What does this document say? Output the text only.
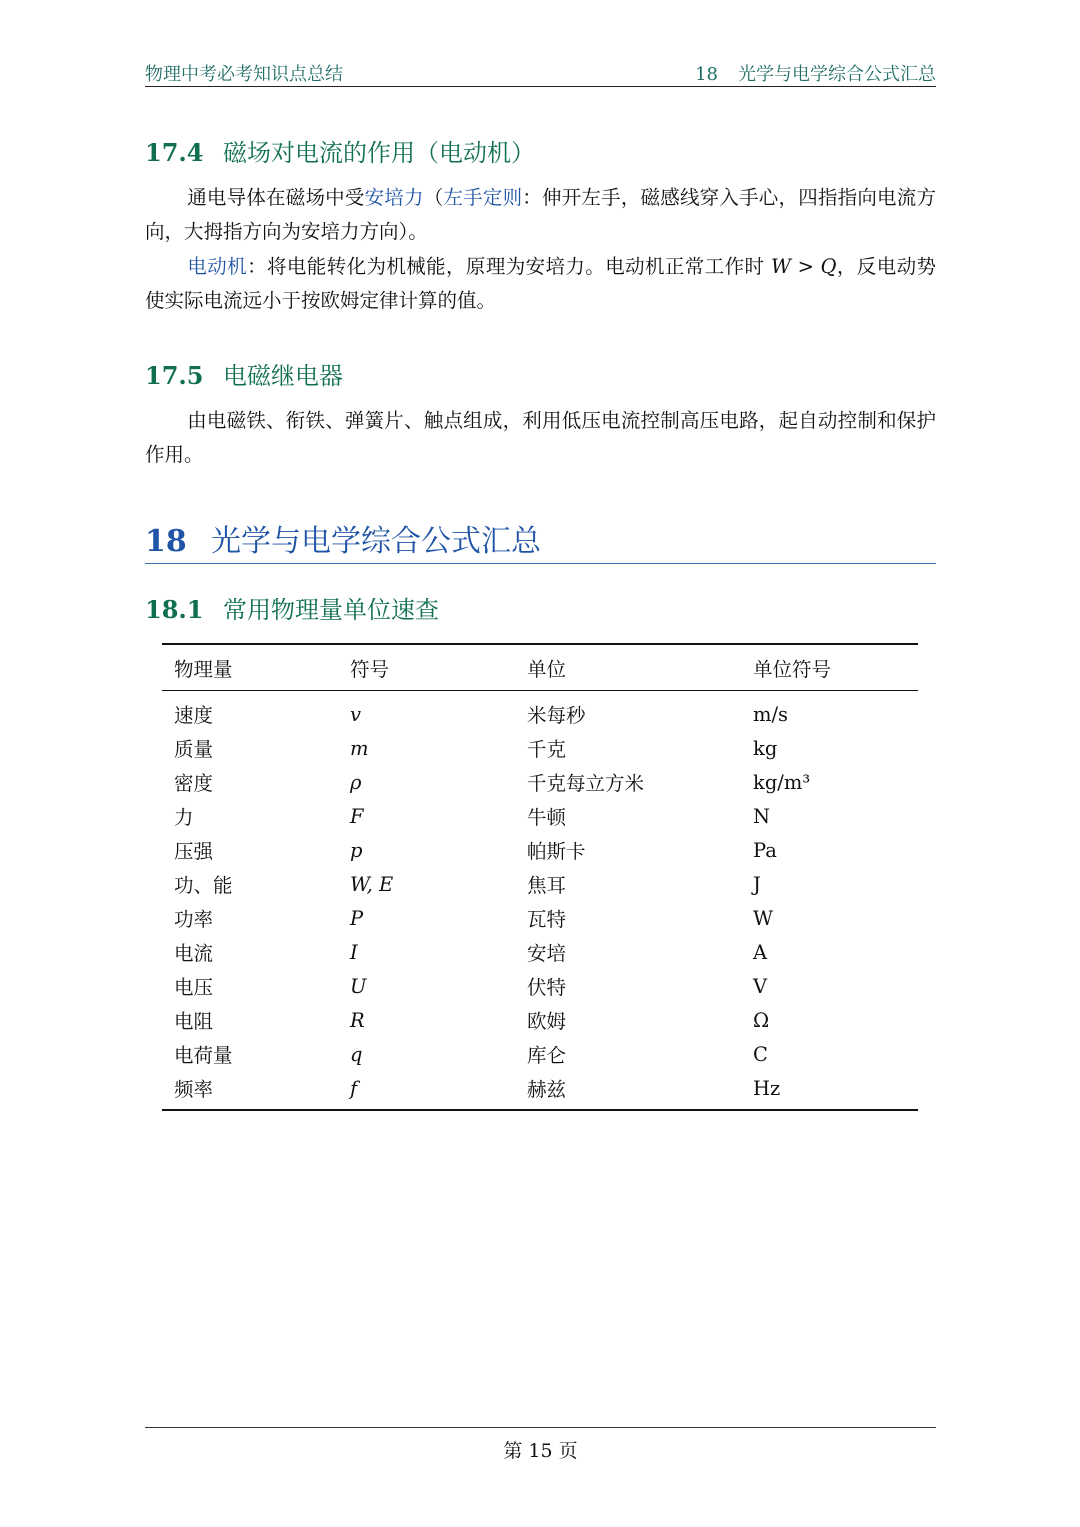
物理中考必考知识点总结	18 光学与电学综合公式汇总
17.4 磁场对电流的作用（电动机）
通电导体在磁场中受安培力（左手定则：伸开左手，磁感线穿入手心，四指指向电流方向，大拇指方向为安培力方向）。
电动机：将电能转化为机械能，原理为安培力。电动机正常工作时 W > Q，反电动势使实际电流远小于按欧姆定律计算的值。
17.5 电磁继电器
由电磁铁、衔铁、弹簧片、触点组成，利用低压电流控制高压电路，起自动控制和保护作用。
18 光学与电学综合公式汇总
18.1 常用物理量单位速查
物理量	符号	单位	单位符号
速度	v	米每秒	m/s
质量	m	千克	kg
密度	ρ	千克每立方米	kg/m³
力	F	牛顿	N
压强	p	帕斯卡	Pa
功、能	W, E	焦耳	J
功率	P	瓦特	W
电流	I	安培	A
电压	U	伏特	V
电阻	R	欧姆	Ω
电荷量	q	库仑	C
频率	f	赫兹	Hz
第 15 页
